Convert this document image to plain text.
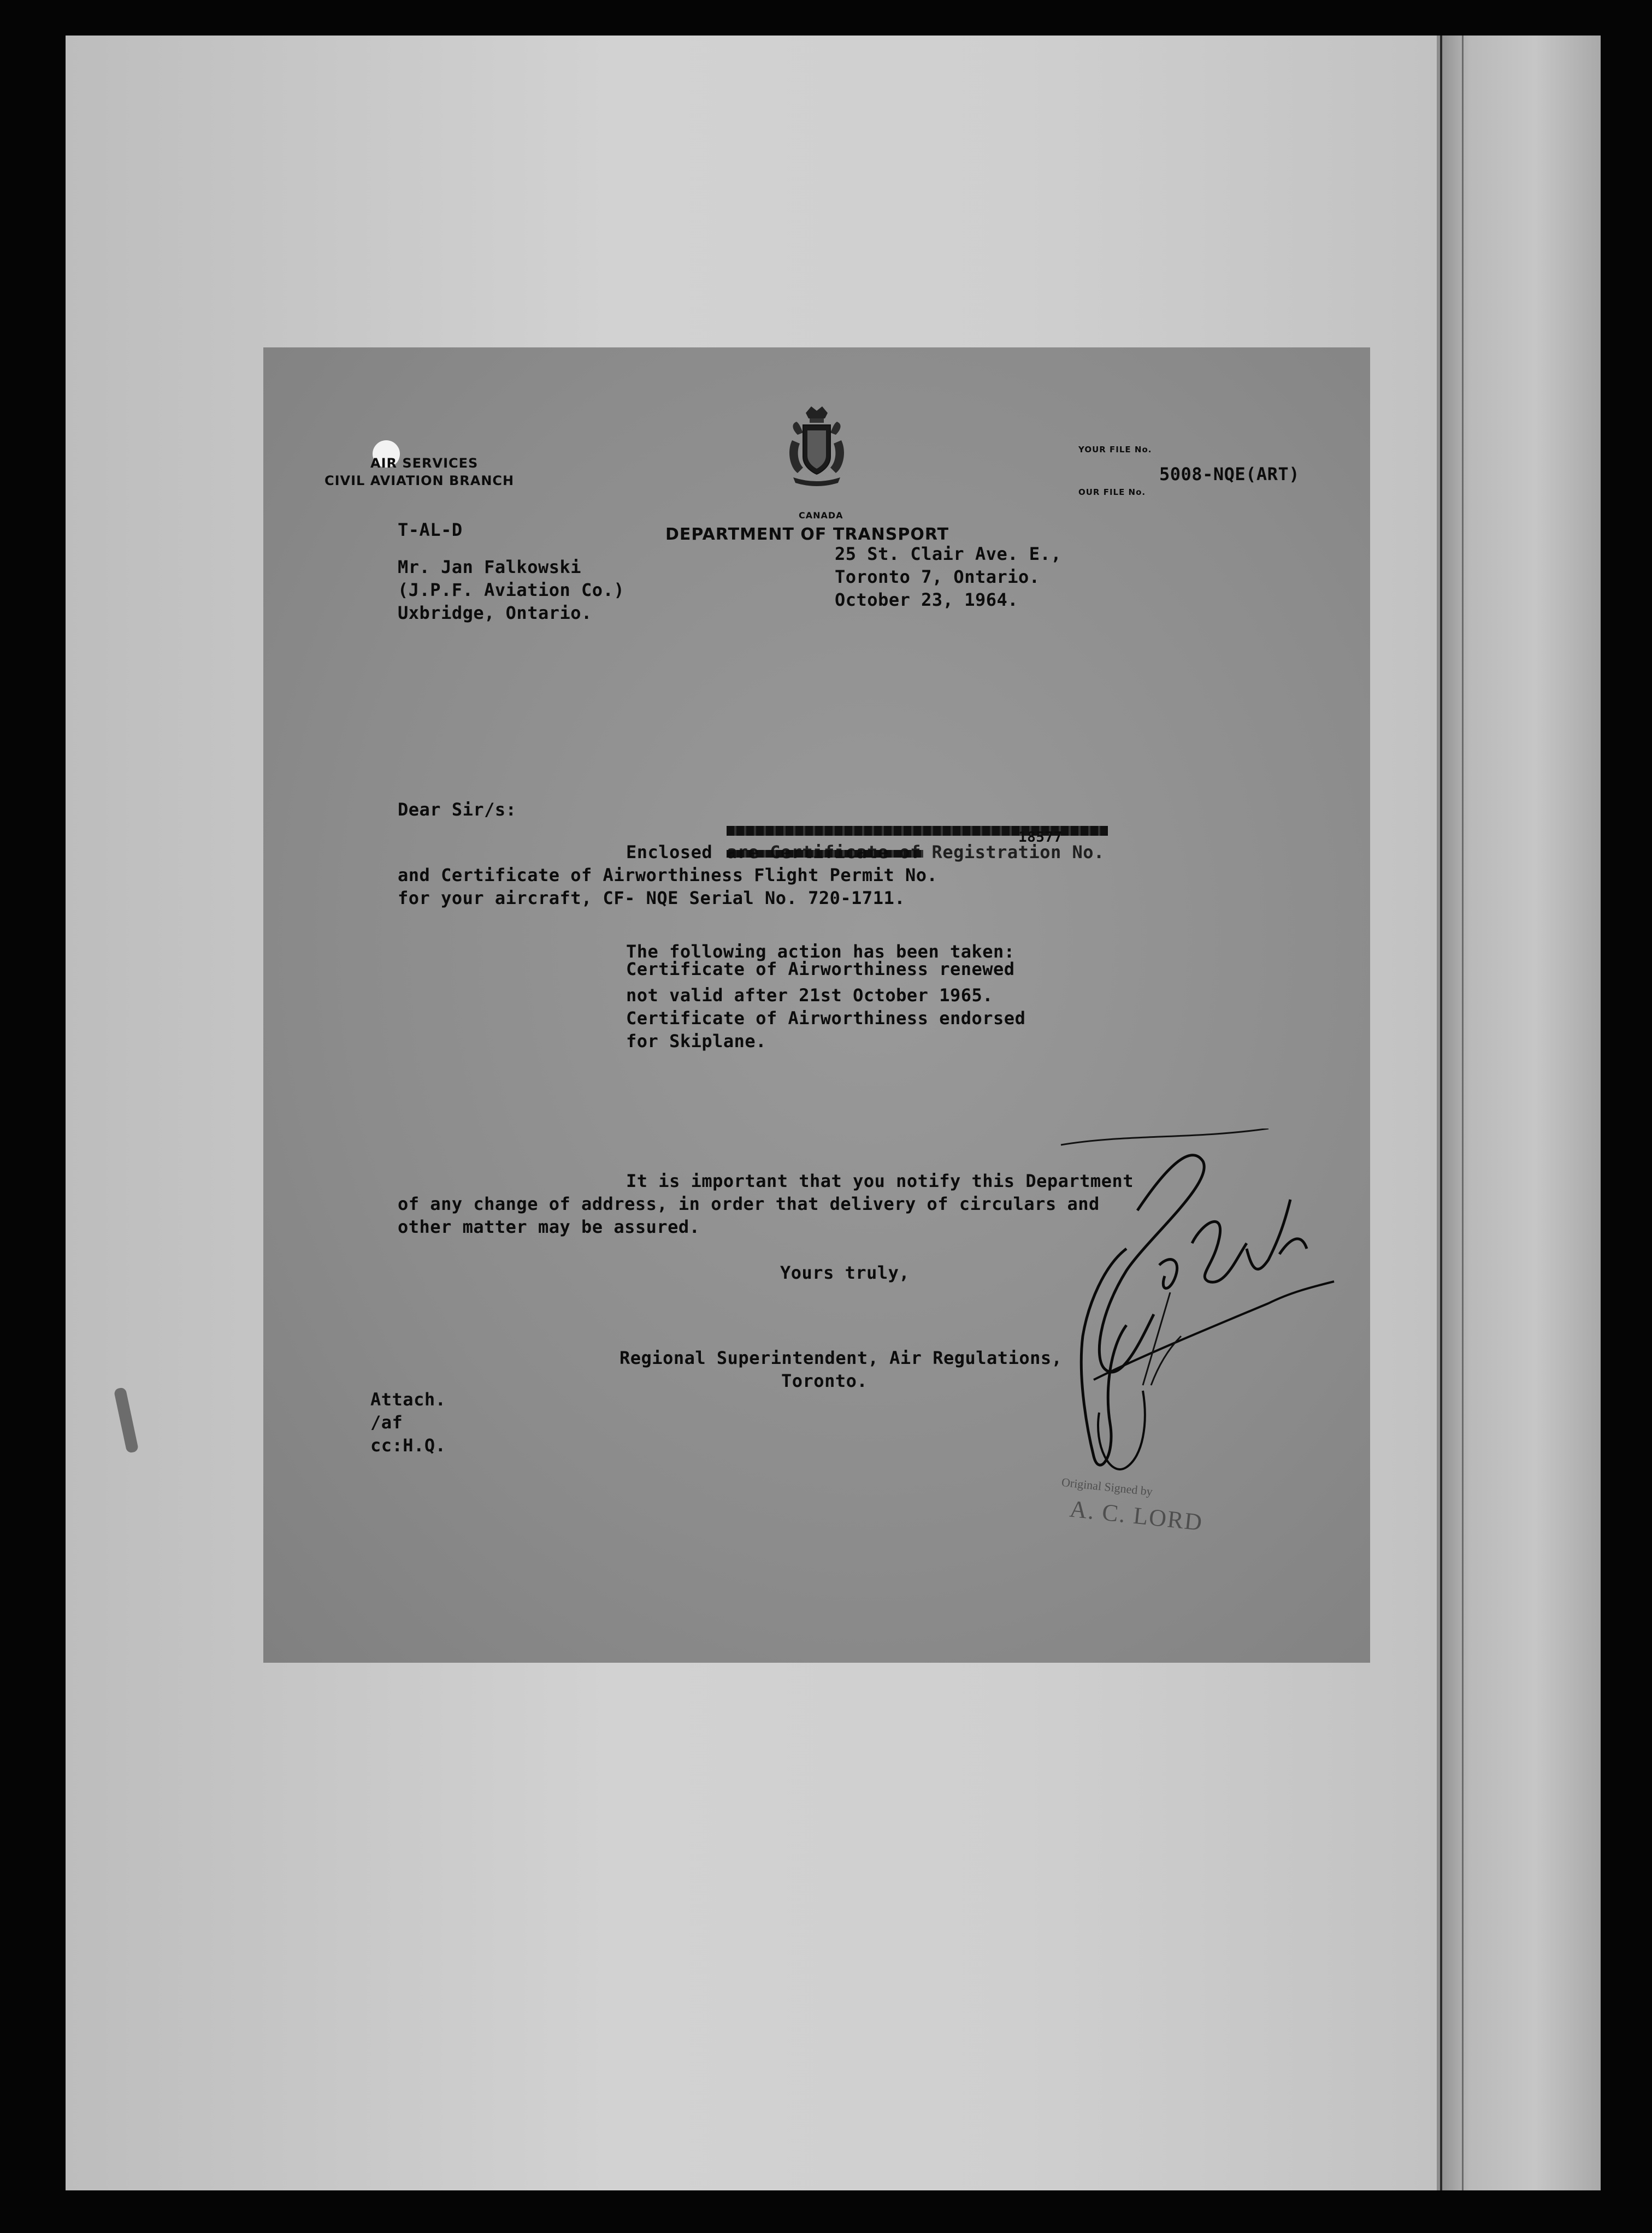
AIR SERVICES
CIVIL AVIATION BRANCH
CANADA
YOUR FILE No.
5008-NQE(ART)
OUR FILE No.
T-AL-D	DEPARTMENT OF TRANSPORT
25 St. Clair Ave. E.,
Toronto 7, Ontario.
October 23, 1964.
Mr. Jan Falkowski
(J.P.F. Aviation Co.)
Uxbridge, Ontario.
Dear Sir/s:
Enclosed are Certificate of Registration No.
18577
and Certificate of Airworthiness Flight Permit No.
for your aircraft, CF- NQE Serial No. 720-1711.
The following action has been taken:
Certificate of Airworthiness renewed
not valid after 21st October 1965.
Certificate of Airworthiness endorsed
for Skiplane.
It is important that you notify this Department
of any change of address, in order that delivery of circulars and
other matter may be assured.
Yours truly,
Regional Superintendent, Air Regulations,
Toronto.
Original Signed by
A. C. LORD
Attach.
/af
cc:H.Q.
